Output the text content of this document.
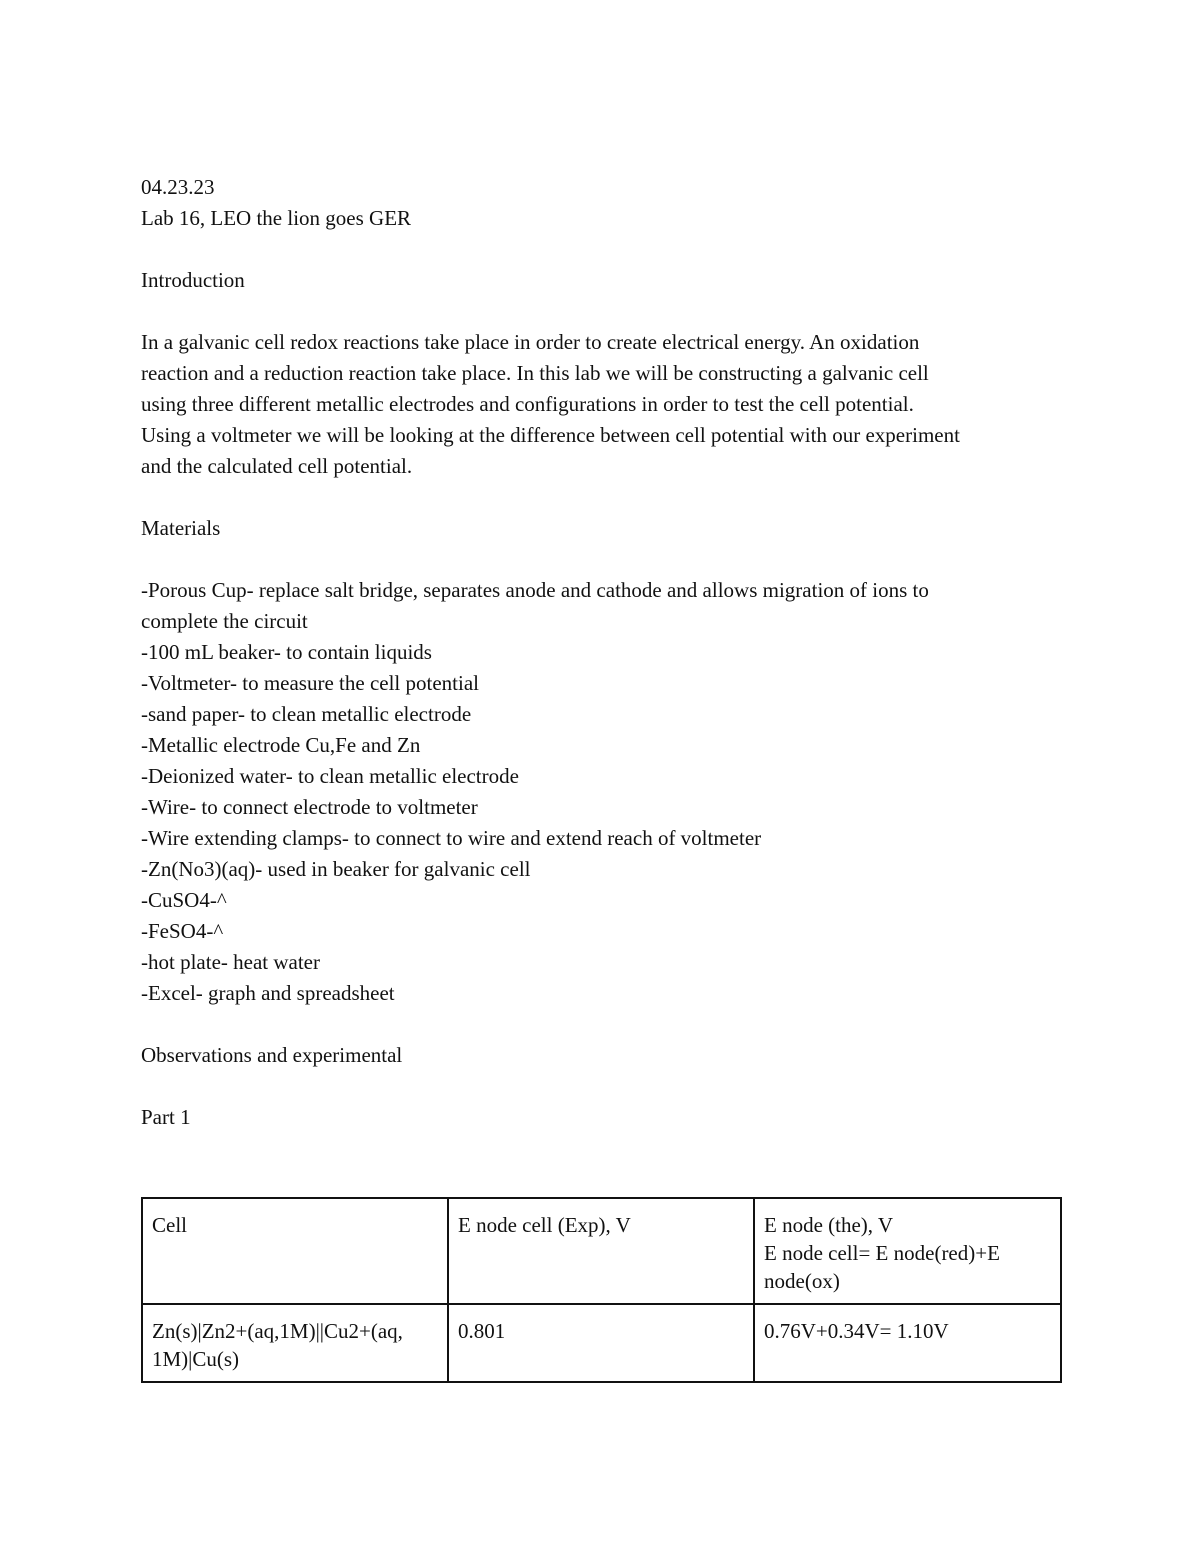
04.23.23
Lab 16, LEO the lion goes GER
Introduction
In a galvanic cell redox reactions take place in order to create electrical energy. An oxidation
reaction and a reduction reaction take place. In this lab we will be constructing a galvanic cell
using three different metallic electrodes and configurations in order to test the cell potential.
Using a voltmeter we will be looking at the difference between cell potential with our experiment
and the calculated cell potential.
Materials
-Porous Cup- replace salt bridge, separates anode and cathode and allows migration of ions to
complete the circuit
-100 mL beaker- to contain liquids
-Voltmeter- to measure the cell potential
-sand paper- to clean metallic electrode
-Metallic electrode Cu,Fe and Zn
-Deionized water- to clean metallic electrode
-Wire- to connect electrode to voltmeter
-Wire extending clamps- to connect to wire and extend reach of voltmeter
-Zn(No3)(aq)- used in beaker for galvanic cell
-CuSO4-^
-FeSO4-^
-hot plate- heat water
-Excel- graph and spreadsheet
Observations and experimental
Part 1
Cell	E node cell (Exp), V	E node (the), V
E node cell= E node(red)+E
node(ox)

Zn(s)|Zn2+(aq,1M)||Cu2+(aq,
1M)|Cu(s)	0.801	0.76V+0.34V= 1.10V
